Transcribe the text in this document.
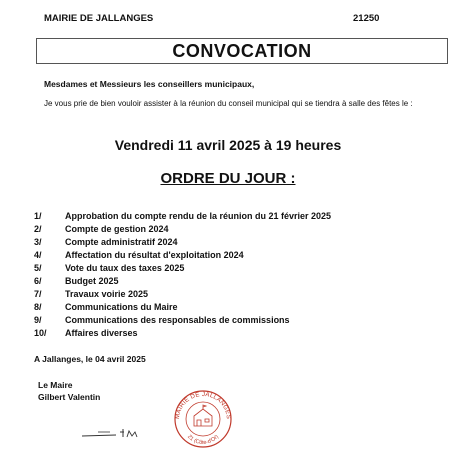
MAIRIE DE JALLANGES	21250
CONVOCATION
Mesdames et Messieurs les conseillers municipaux,
Je vous prie de bien vouloir assister à la réunion du conseil municipal qui se tiendra à salle des fêtes le :
Vendredi 11 avril 2025 à 19 heures
ORDRE DU JOUR :
1/	Approbation du compte rendu de la réunion du 21 février 2025
2/	Compte de gestion 2024
3/	Compte administratif 2024
4/	Affectation du résultat d'exploitation 2024
5/	Vote du taux des taxes 2025
6/	Budget 2025
7/	Travaux voirie 2025
8/	Communications du Maire
9/	Communications des responsables de commissions
10/ Affaires diverses
A Jallanges, le 04 avril 2025
Le Maire
Gilbert Valentin
MAIRIE DE JALLANGES
21 (Côte-d'Or)
